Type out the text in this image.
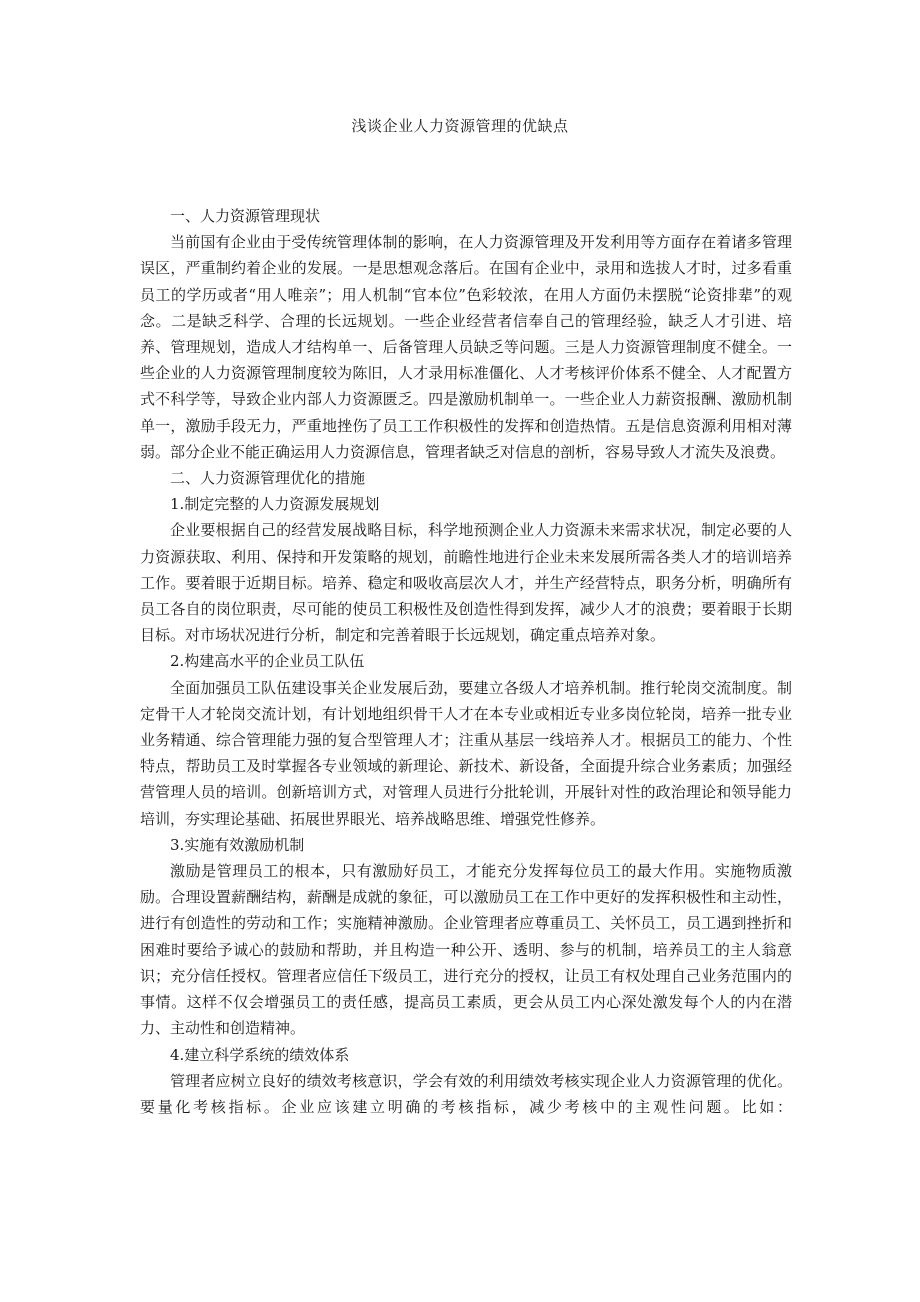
浅谈企业人力资源管理的优缺点

一、人力资源管理现状

当前国有企业由于受传统管理体制的影响，在人力资源管理及开发利用等方面存在着诸多管理误区，严重制约着企业的发展。一是思想观念落后。在国有企业中，录用和选拔人才时，过多看重员工的学历或者“用人唯亲”；用人机制“官本位”色彩较浓，在用人方面仍未摆脱“论资排辈”的观念。二是缺乏科学、合理的长远规划。一些企业经营者信奉自己的管理经验，缺乏人才引进、培养、管理规划，造成人才结构单一、后备管理人员缺乏等问题。三是人力资源管理制度不健全。一些企业的人力资源管理制度较为陈旧，人才录用标准僵化、人才考核评价体系不健全、人才配置方式不科学等，导致企业内部人力资源匮乏。四是激励机制单一。一些企业人力薪资报酬、激励机制单一，激励手段无力，严重地挫伤了员工工作积极性的发挥和创造热情。五是信息资源利用相对薄弱。部分企业不能正确运用人力资源信息，管理者缺乏对信息的剖析，容易导致人才流失及浪费。

二、人力资源管理优化的措施

1.制定完整的人力资源发展规划

企业要根据自己的经营发展战略目标，科学地预测企业人力资源未来需求状况，制定必要的人力资源获取、利用、保持和开发策略的规划，前瞻性地进行企业未来发展所需各类人才的培训培养工作。要着眼于近期目标。培养、稳定和吸收高层次人才，并生产经营特点，职务分析，明确所有员工各自的岗位职责，尽可能的使员工积极性及创造性得到发挥，减少人才的浪费；要着眼于长期目标。对市场状况进行分析，制定和完善着眼于长远规划，确定重点培养对象。

2.构建高水平的企业员工队伍

全面加强员工队伍建设事关企业发展后劲，要建立各级人才培养机制。推行轮岗交流制度。制定骨干人才轮岗交流计划，有计划地组织骨干人才在本专业或相近专业多岗位轮岗，培养一批专业业务精通、综合管理能力强的复合型管理人才；注重从基层一线培养人才。根据员工的能力、个性特点，帮助员工及时掌握各专业领域的新理论、新技术、新设备，全面提升综合业务素质；加强经营管理人员的培训。创新培训方式，对管理人员进行分批轮训，开展针对性的政治理论和领导能力培训，夯实理论基础、拓展世界眼光、培养战略思维、增强党性修养。

3.实施有效激励机制

激励是管理员工的根本，只有激励好员工，才能充分发挥每位员工的最大作用。实施物质激励。合理设置薪酬结构，薪酬是成就的象征，可以激励员工在工作中更好的发挥积极性和主动性，进行有创造性的劳动和工作；实施精神激励。企业管理者应尊重员工、关怀员工，员工遇到挫折和困难时要给予诚心的鼓励和帮助，并且构造一种公开、透明、参与的机制，培养员工的主人翁意识；充分信任授权。管理者应信任下级员工，进行充分的授权，让员工有权处理自己业务范围内的事情。这样不仅会增强员工的责任感，提高员工素质，更会从员工内心深处激发每个人的内在潜力、主动性和创造精神。

4.建立科学系统的绩效体系

管理者应树立良好的绩效考核意识，学会有效的利用绩效考核实现企业人力资源管理的优化。要量化考核指标。企业应该建立明确的考核指标，减少考核中的主观性问题。比如：
